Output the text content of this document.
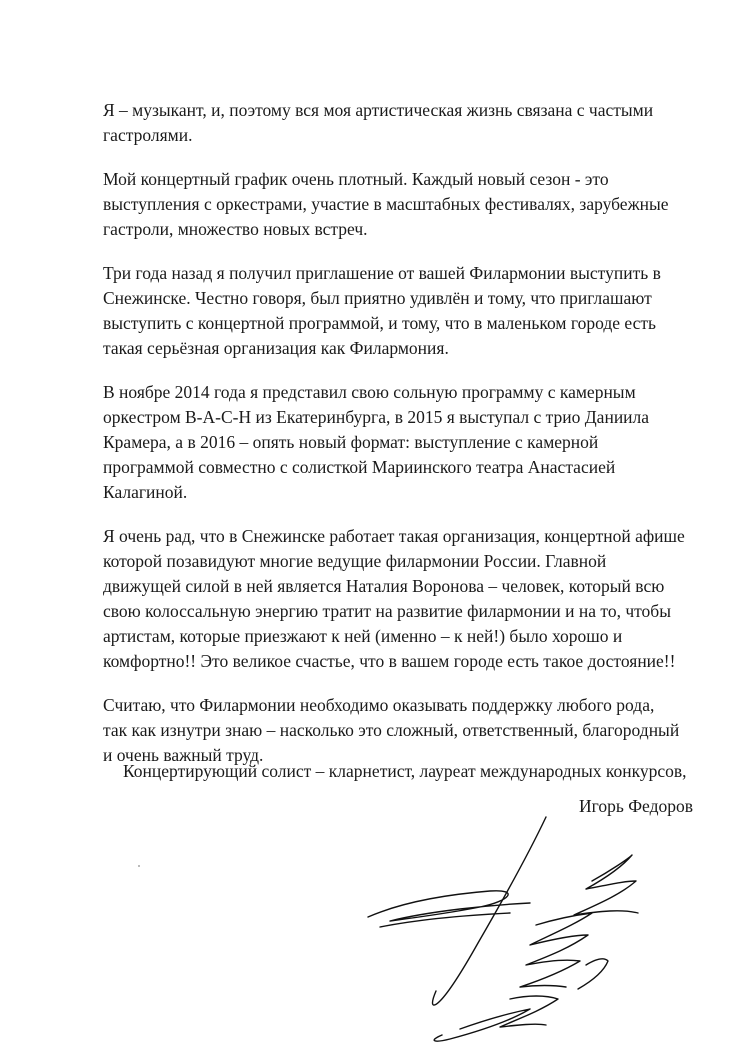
Я – музыкант, и, поэтому вся моя артистическая жизнь связана с частыми
гастролями.

Мой концертный график очень плотный. Каждый новый сезон - это
выступления с оркестрами, участие в масштабных фестивалях, зарубежные
гастроли, множество новых встреч.

Три года назад я получил приглашение от вашей Филармонии выступить в
Снежинске. Честно говоря, был приятно удивлён и тому, что приглашают
выступить с концертной программой, и тому, что в маленьком городе есть
такая серьёзная организация как Филармония.

В ноябре 2014 года я представил свою сольную программу с камерным
оркестром B-A-C-H из Екатеринбурга, в 2015 я выступал с трио Даниила
Крамера, а в 2016 – опять новый формат: выступление с камерной
программой совместно с солисткой Мариинского театра Анастасией
Калагиной.

Я очень рад, что в Снежинске работает такая организация, концертной афише
которой позавидуют многие ведущие филармонии России. Главной
движущей силой в ней является Наталия Воронова – человек, который всю
свою колоссальную энергию тратит на развитие филармонии и на то, чтобы
артистам, которые приезжают к ней (именно – к ней!) было хорошо и
комфортно!! Это великое счастье, что в вашем городе есть такое достояние!!

Считаю, что Филармонии необходимо оказывать поддержку любого рода,
так как изнутри знаю – насколько это сложный, ответственный, благородный
и очень важный труд.

Концертирующий солист – кларнетист, лауреат международных конкурсов,
Игорь Федоров
